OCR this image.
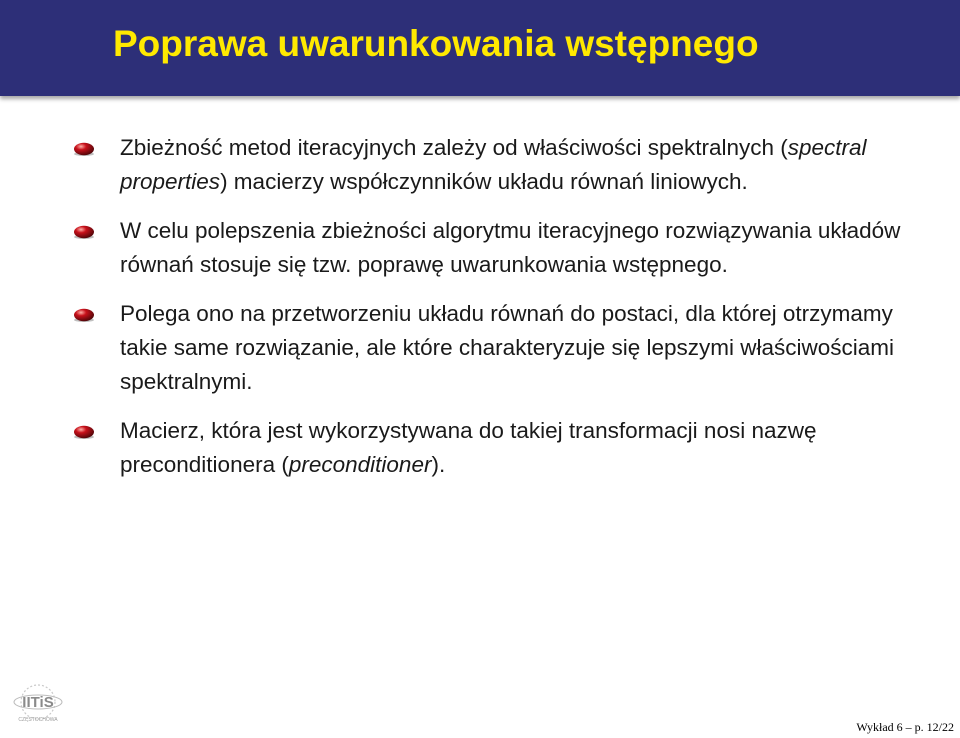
Poprawa uwarunkowania wstępnego
Zbieżność metod iteracyjnych zależy od właściwości spektralnych (spectral properties) macierzy współczynników układu równań liniowych.
W celu polepszenia zbieżności algorytmu iteracyjnego rozwiązywania układów równań stosuje się tzw. poprawę uwarunkowania wstępnego.
Polega ono na przetworzeniu układu równań do postaci, dla której otrzymamy takie same rozwiązanie, ale które charakteryzuje się lepszymi właściwościami spektralnymi.
Macierz, która jest wykorzystywana do takiej transformacji nosi nazwę preconditionera (preconditioner).
IITiS
CZĘSTOCHOWA	Wykład 6 – p. 12/22
